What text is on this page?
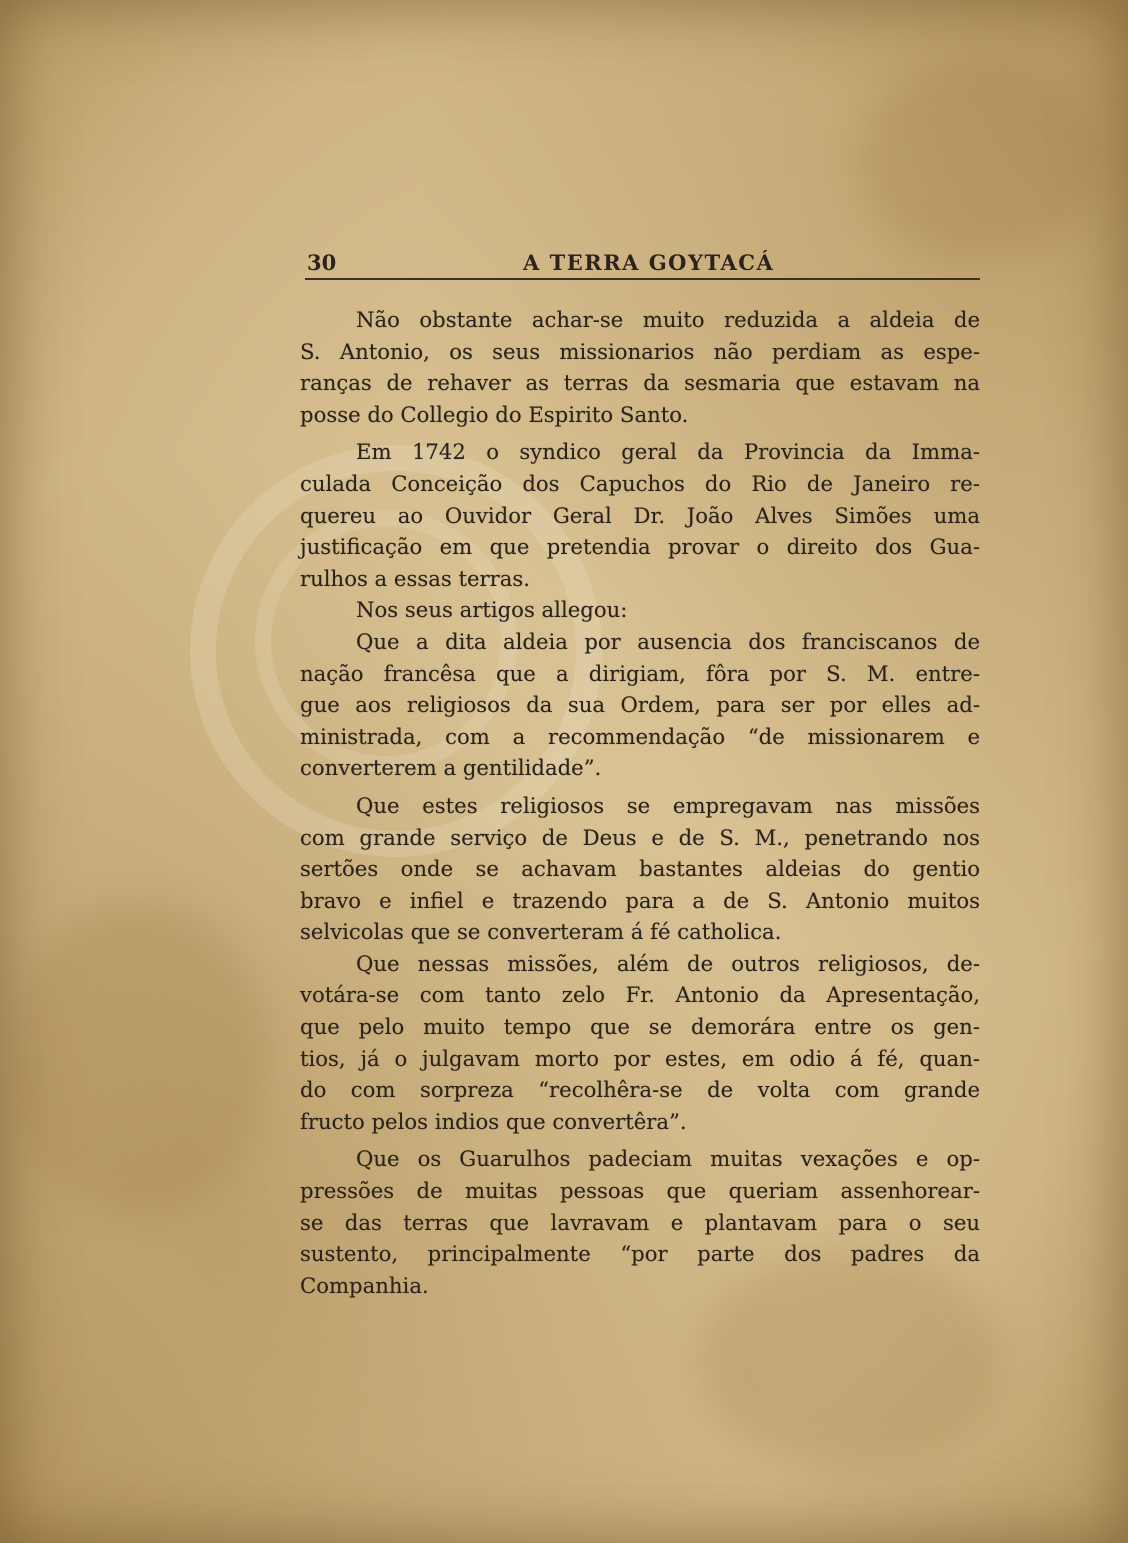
30	A TERRA GOYTACÁ
Não obstante achar-se muito reduzida a aldeia de
S. Antonio, os seus missionarios não perdiam as espe-
ranças de rehaver as terras da sesmaria que estavam na
posse do Collegio do Espirito Santo.
Em 1742 o syndico geral da Provincia da Imma-
culada Conceição dos Capuchos do Rio de Janeiro re-
quereu ao Ouvidor Geral Dr. João Alves Simões uma
justificação em que pretendia provar o direito dos Gua-
rulhos a essas terras.
Nos seus artigos allegou:
Que a dita aldeia por ausencia dos franciscanos de
nação francêsa que a dirigiam, fôra por S. M. entre-
gue aos religiosos da sua Ordem, para ser por elles ad-
ministrada, com a recommendação “de missionarem e
converterem a gentilidade”.
Que estes religiosos se empregavam nas missões
com grande serviço de Deus e de S. M., penetrando nos
sertões onde se achavam bastantes aldeias do gentio
bravo e infiel e trazendo para a de S. Antonio muitos
selvicolas que se converteram á fé catholica.
Que nessas missões, além de outros religiosos, de-
votára-se com tanto zelo Fr. Antonio da Apresentação,
que pelo muito tempo que se demorára entre os gen-
tios, já o julgavam morto por estes, em odio á fé, quan-
do com sorpreza “recolhêra-se de volta com grande
fructo pelos indios que convertêra”.
Que os Guarulhos padeciam muitas vexações e op-
pressões de muitas pessoas que queriam assenhorear-
se das terras que lavravam e plantavam para o seu
sustento, principalmente “por parte dos padres da
Companhia.
